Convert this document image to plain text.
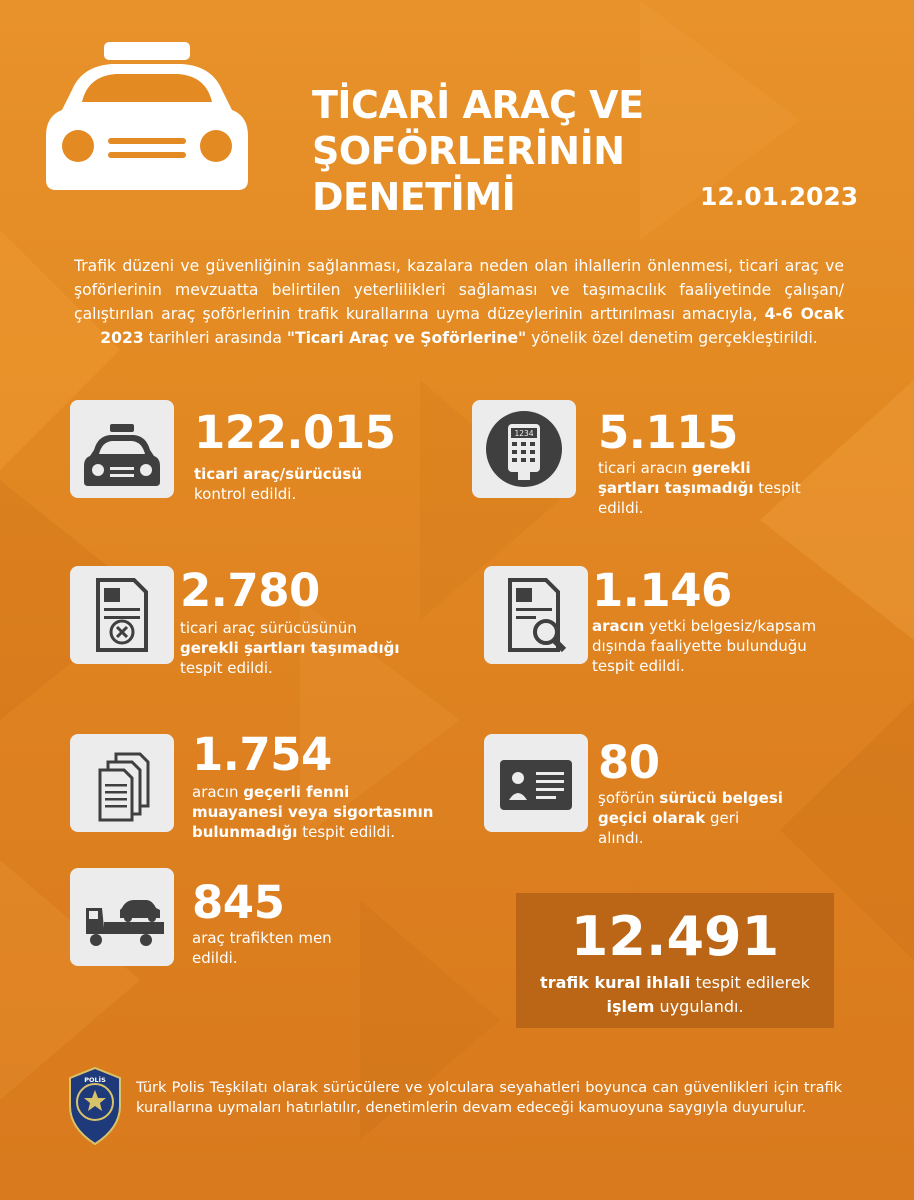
TİCARİ ARAÇ VE
ŞOFÖRLERİNİN
DENETİMİ	12.01.2023
Trafik düzeni ve güvenliğinin sağlanması, kazalara neden olan ihlallerin önlenmesi, ticari araç ve şoförlerinin mevzuatta belirtilen yeterlilikleri sağlaması ve taşımacılık faaliyetinde çalışan/çalıştırılan araç şoförlerinin trafik kurallarına uyma düzeylerinin arttırılması amacıyla, 4-6 Ocak 2023 tarihleri arasında "Ticari Araç ve Şoförlerine" yönelik özel denetim gerçekleştirildi.
122.015
ticari araç/sürücüsü
kontrol edildi.
1234 5.115
ticari aracın gerekli
şartları taşımadığı tespit
edildi.
2.780
ticari araç sürücüsünün
gerekli şartları taşımadığı
tespit edildi.
1.146
aracın yetki belgesiz/kapsam
dışında faaliyette bulunduğu
tespit edildi.
1.754
aracın geçerli fenni
muayanesi veya sigortasının
bulunmadığı tespit edildi.
80
şoförün sürücü belgesi
geçici olarak geri
alındı.
845
araç trafikten men
edildi.	12.491
trafik kural ihlali tespit edilerek
işlem uygulandı.
POLİS Türk Polis Teşkilatı olarak sürücülere ve yolculara seyahatleri boyunca can güvenlikleri için trafik kurallarına uymaları hatırlatılır, denetimlerin devam edeceği kamuoyuna saygıyla duyurulur.
